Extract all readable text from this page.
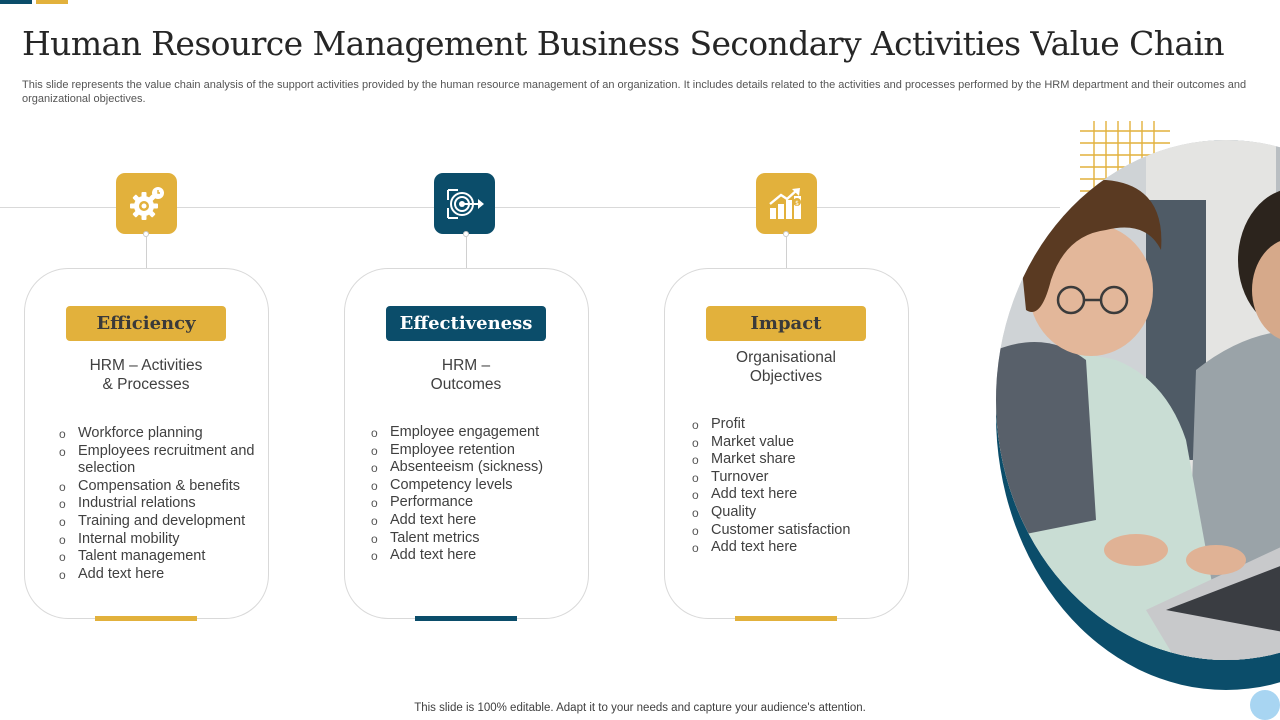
Human Resource Management Business Secondary Activities Value Chain
This slide represents the value chain analysis of the support activities provided by the human resource management of an organization. It includes details related to the activities and processes performed by the HRM department and their outcomes and organizational objectives.
Efficiency
HRM – Activities
& Processes
o Workforce planning
o Employees recruitment and selection
o Compensation & benefits
o Industrial relations
o Training and development
o Internal mobility
o Talent management
o Add text here
Effectiveness
HRM –
Outcomes
o Employee engagement
o Employee retention
o Absenteeism (sickness)
o Competency levels
o Performance
o Add text here
o Talent metrics
o Add text here
$
Impact
Organisational
Objectives
o Profit
o Market value
o Market share
o Turnover
o Add text here
o Quality
o Customer satisfaction
o Add text here
This slide is 100% editable. Adapt it to your needs and capture your audience's attention.
